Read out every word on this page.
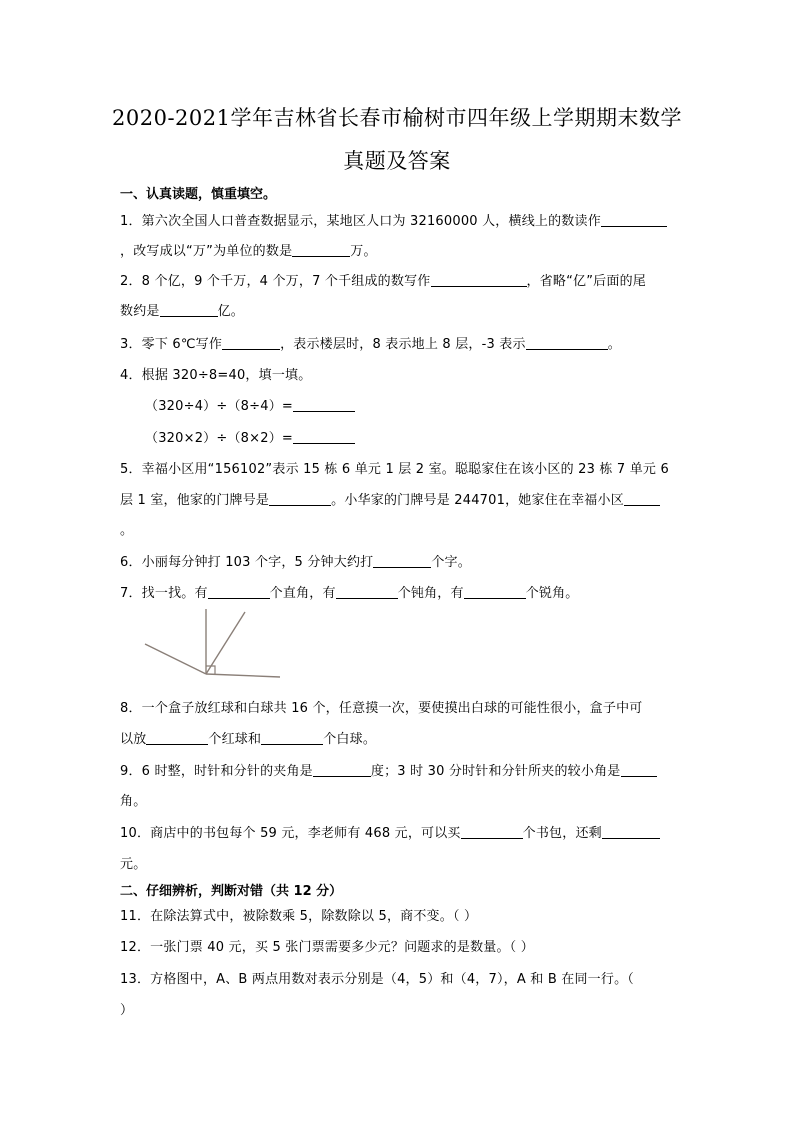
2020-2021学年吉林省长春市榆树市四年级上学期期末数学
真题及答案
一、认真读题，慎重填空。
1．第六次全国人口普查数据显示，某地区人口为 32160000 人，横线上的数读作
，改写成以“万”为单位的数是	万。
2．8 个亿，9 个千万，4 个万，7 个千组成的数写作	，省略“亿”后面的尾
数约是	亿。
3．零下 6℃写作	，表示楼层时，8 表示地上 8 层，-3 表示	。
4．根据 320÷8=40，填一填。
（320÷4）÷（8÷4）=
（320×2）÷（8×2）=
5．幸福小区用“156102”表示 15 栋 6 单元 1 层 2 室。聪聪家住在该小区的 23 栋 7 单元 6
层 1 室，他家的门牌号是	。小华家的门牌号是 244701，她家住在幸福小区
。
6．小丽每分钟打 103 个字，5 分钟大约打	个字。
7．找一找。有	个直角，有	个钝角，有	个锐角。
8．一个盒子放红球和白球共 16 个，任意摸一次，要使摸出白球的可能性很小，盒子中可
以放	个红球和	个白球。
9．6 时整，时针和分针的夹角是	度；3 时 30 分时针和分针所夹的较小角是
角。
10．商店中的书包每个 59 元，李老师有 468 元，可以买	个书包，还剩
元。
二、仔细辨析，判断对错（共 12 分）
11．在除法算式中，被除数乘 5，除数除以 5，商不变。（ ）
12．一张门票 40 元，买 5 张门票需要多少元？问题求的是数量。（ ）
13．方格图中，A、B 两点用数对表示分别是（4，5）和（4，7），A 和 B 在同一行。（
）
